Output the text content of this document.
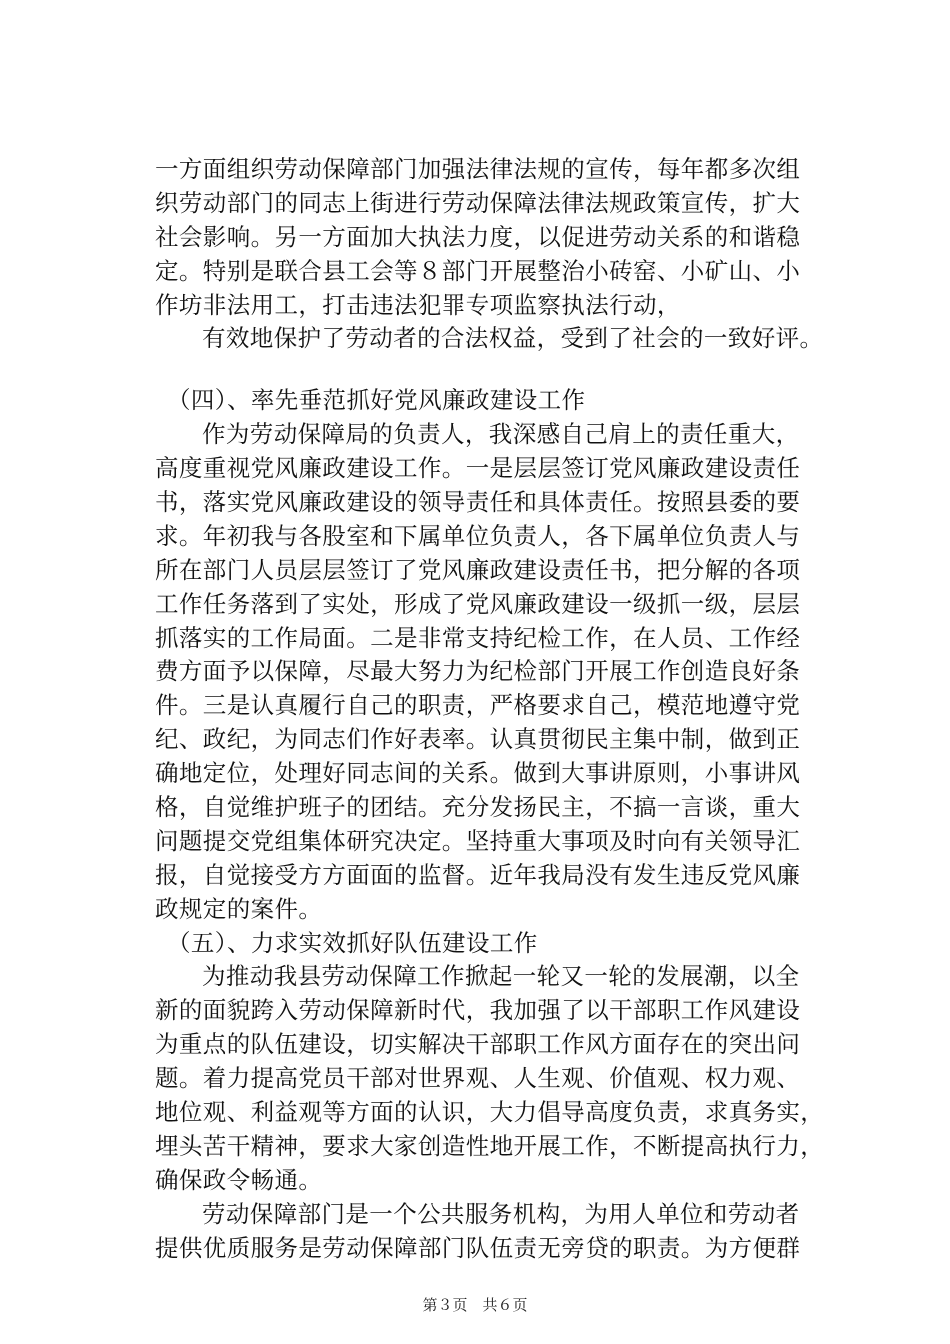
一方面组织劳动保障部门加强法律法规的宣传，每年都多次组
织劳动部门的同志上街进行劳动保障法律法规政策宣传，扩大
社会影响。另一方面加大执法力度，以促进劳动关系的和谐稳
定。特别是联合县工会等８部门开展整治小砖窑、小矿山、小
作坊非法用工，打击违法犯罪专项监察执法行动，
有效地保护了劳动者的合法权益，受到了社会的一致好评。
（四）、率先垂范抓好党风廉政建设工作
作为劳动保障局的负责人，我深感自己肩上的责任重大，
高度重视党风廉政建设工作。一是层层签订党风廉政建设责任
书，落实党风廉政建设的领导责任和具体责任。按照县委的要
求。年初我与各股室和下属单位负责人，各下属单位负责人与
所在部门人员层层签订了党风廉政建设责任书，把分解的各项
工作任务落到了实处，形成了党风廉政建设一级抓一级，层层
抓落实的工作局面。二是非常支持纪检工作，在人员、工作经
费方面予以保障，尽最大努力为纪检部门开展工作创造良好条
件。三是认真履行自己的职责，严格要求自己，模范地遵守党
纪、政纪，为同志们作好表率。认真贯彻民主集中制，做到正
确地定位，处理好同志间的关系。做到大事讲原则，小事讲风
格，自觉维护班子的团结。充分发扬民主，不搞一言谈，重大
问题提交党组集体研究决定。坚持重大事项及时向有关领导汇
报，自觉接受方方面面的监督。近年我局没有发生违反党风廉
政规定的案件。
（五）、力求实效抓好队伍建设工作
为推动我县劳动保障工作掀起一轮又一轮的发展潮，以全
新的面貌跨入劳动保障新时代，我加强了以干部职工作风建设
为重点的队伍建设，切实解决干部职工作风方面存在的突出问
题。着力提高党员干部对世界观、人生观、价值观、权力观、
地位观、利益观等方面的认识，大力倡导高度负责，求真务实，
埋头苦干精神，要求大家创造性地开展工作，不断提高执行力，
确保政令畅通。
劳动保障部门是一个公共服务机构，为用人单位和劳动者
提供优质服务是劳动保障部门队伍责无旁贷的职责。为方便群
第３页　共６页
